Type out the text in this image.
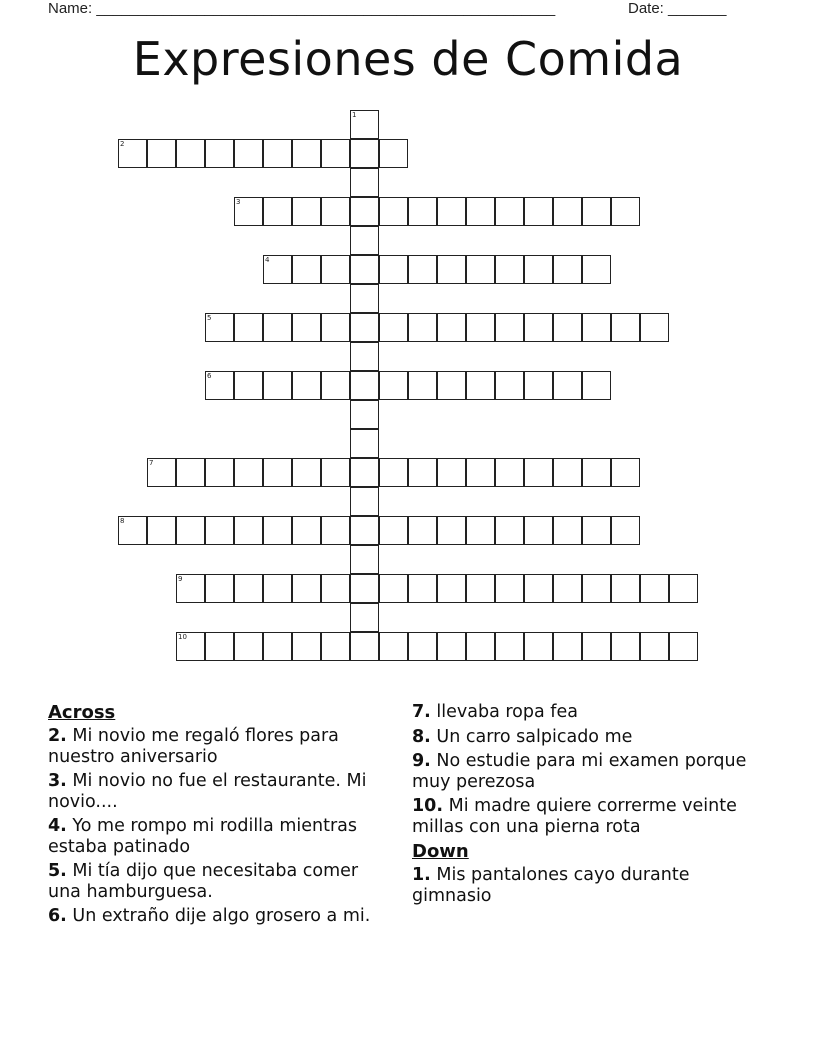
Name: _______________________________________________________	Date: _______
Expresiones de Comida
2
3
4
5
6
7
8
9
10
1
Across
2. Mi novio me regaló flores para nuestro aniversario
3. Mi novio no fue el restaurante. Mi novio....
4. Yo me rompo mi rodilla mientras estaba patinado
5. Mi tía dijo que necesitaba comer una hamburguesa.
6. Un extraño dije algo grosero a mi.
7. llevaba ropa fea
8. Un carro salpicado me
9. No estudie para mi examen porque muy perezosa
10. Mi madre quiere correrme veinte millas con una pierna rota
Down
1. Mis pantalones cayo durante gimnasio
